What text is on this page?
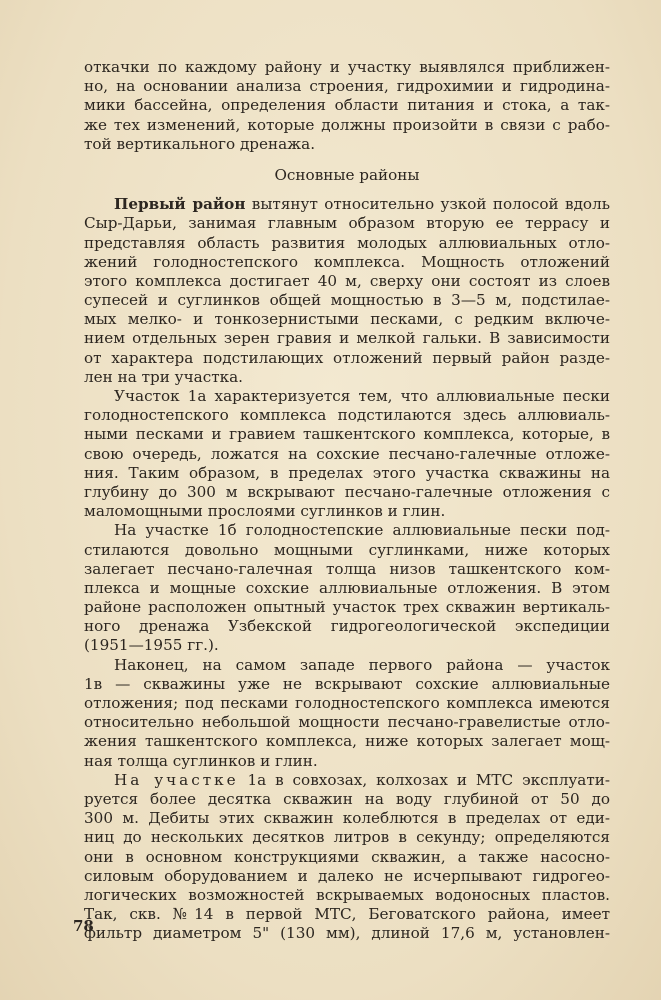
откачки по каждому району и участку выявлялся приближен-
но, на основании анализа строения, гидрохимии и гидродина-
мики бассейна, определения области питания и стока, а так-
же тех изменений, которые должны произойти в связи с рабо-
той вертикального дренажа.
Основные районы
Первый район вытянут относительно узкой полосой вдоль
Сыр-Дарьи, занимая главным образом вторую ее террасу и
представляя область развития молодых аллювиальных отло-
жений голодностепского комплекса. Мощность отложений
этого комплекса достигает 40 м, сверху они состоят из слоев
супесей и суглинков общей мощностью в 3—5 м, подстилае-
мых мелко- и тонкозернистыми песками, с редким включе-
нием отдельных зерен гравия и мелкой гальки. В зависимости
от характера подстилающих отложений первый район разде-
лен на три участка.
Участок 1а характеризуется тем, что аллювиальные пески
голодностепского комплекса подстилаются здесь аллювиаль-
ными песками и гравием ташкентского комплекса, которые, в
свою очередь, ложатся на сохские песчано-галечные отложе-
ния. Таким образом, в пределах этого участка скважины на
глубину до 300 м вскрывают песчано-галечные отложения с
маломощными прослоями суглинков и глин.
На участке 1б голодностепские аллювиальные пески под-
стилаются довольно мощными суглинками, ниже которых
залегает песчано-галечная толща низов ташкентского ком-
плекса и мощные сохские аллювиальные отложения. В этом
районе расположен опытный участок трех скважин вертикаль-
ного дренажа Узбекской гидрогеологической экспедиции
(1951—1955 гг.).
Наконец, на самом западе первого района — участок
1в — скважины уже не вскрывают сохские аллювиальные
отложения; под песками голодностепского комплекса имеются
относительно небольшой мощности песчано-гравелистые отло-
жения ташкентского комплекса, ниже которых залегает мощ-
ная толща суглинков и глин.
На участке 1а в совхозах, колхозах и МТС эксплуати-
руется более десятка скважин на воду глубиной от 50 до
300 м. Дебиты этих скважин колеблются в пределах от еди-
ниц до нескольких десятков литров в секунду; определяются
они в основном конструкциями скважин, а также насосно-
силовым оборудованием и далеко не исчерпывают гидрогео-
логических возможностей вскрываемых водоносных пластов.
Так, скв. №14 в первой МТС, Беговатского района, имеет
фильтр диаметром 5" (130 мм), длиной 17,6 м, установлен-
78
